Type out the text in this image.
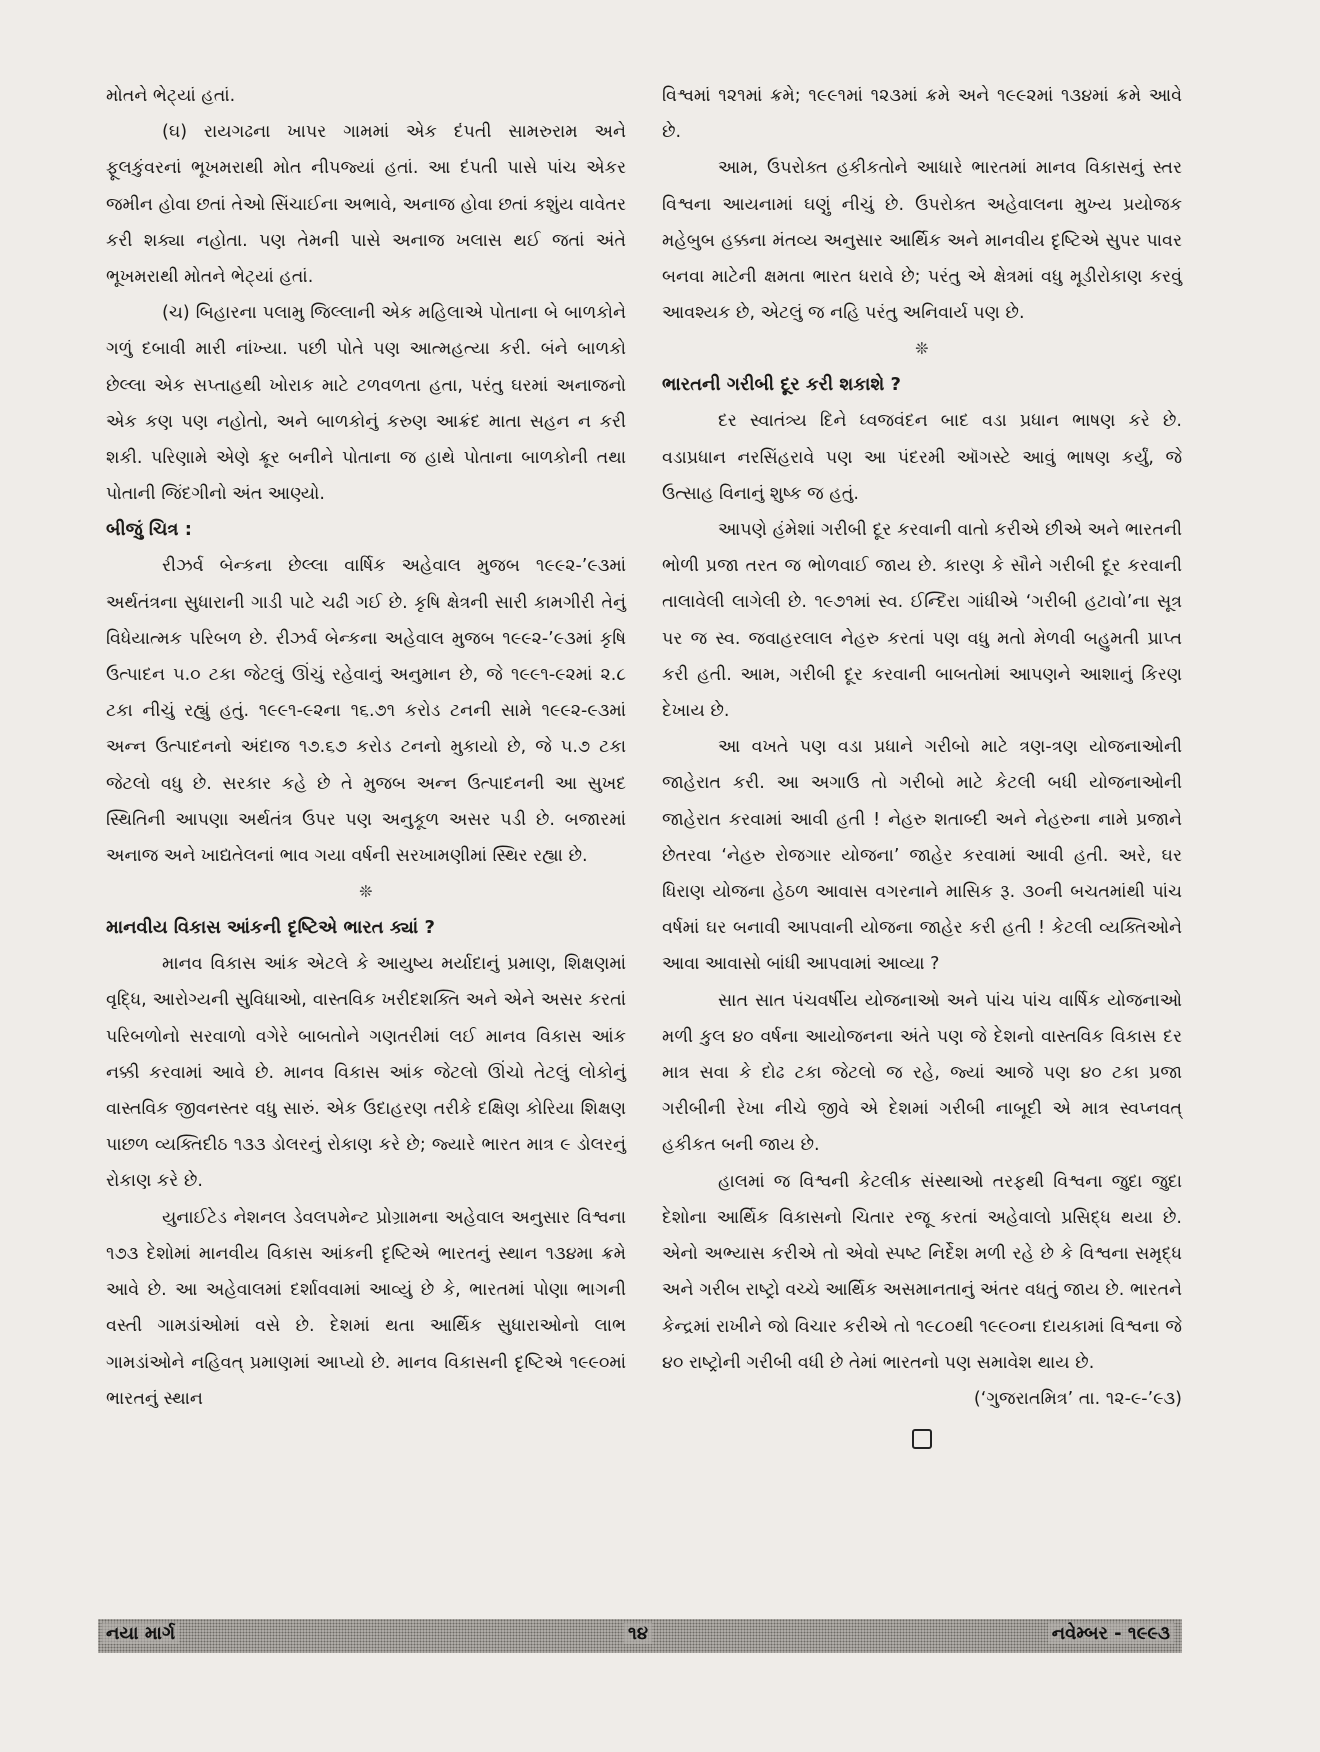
મોતને ભેટ્યાં હતાં.

(ઘ) રાયગઢના ખાપર ગામમાં એક દંપતી સામરુરામ અને ફૂલકુંવરનાં ભૂખમરાથી મોત નીપજ્યાં હતાં. આ દંપતી પાસે પાંચ એકર જમીન હોવા છતાં તેઓ સિંચાઈના અભાવે, અનાજ હોવા છતાં કશુંય વાવેતર કરી શક્યા નહોતા. પણ તેમની પાસે અનાજ ખલાસ થઈ જતાં અંતે ભૂખમરાથી મોતને ભેટ્યાં હતાં.

(ચ) બિહારના પલામુ જિલ્લાની એક મહિલાએ પોતાના બે બાળકોને ગળું દબાવી મારી નાંખ્યા. પછી પોતે પણ આત્મહત્યા કરી. બંને બાળકો છેલ્લા એક સપ્તાહથી ખોરાક માટે ટળવળતા હતા, પરંતુ ઘરમાં અનાજનો એક કણ પણ નહોતો, અને બાળકોનું કરુણ આક્રંદ માતા સહન ન કરી શકી. પરિણામે એણે ક્રૂર બનીને પોતાના જ હાથે પોતાના બાળકોની તથા પોતાની જિંદગીનો અંત આણ્યો.

બીજું ચિત્ર :

રીઝર્વ બેન્કના છેલ્લા વાર્ષિક અહેવાલ મુજબ ૧૯૯૨-’૯૩માં અર્થતંત્રના સુધારાની ગાડી પાટે ચઢી ગઈ છે. કૃષિ ક્ષેત્રની સારી કામગીરી તેનું વિધેયાત્મક પરિબળ છે. રીઝર્વ બેન્કના અહેવાલ મુજબ ૧૯૯૨-’૯૩માં કૃષિ ઉત્પાદન ૫.૦ ટકા જેટલું ઊંચું રહેવાનું અનુમાન છે, જે ૧૯૯૧-૯૨માં ૨.૮ ટકા નીચું રહ્યું હતું. ૧૯૯૧-૯૨ના ૧૬.૭૧ કરોડ ટનની સામે ૧૯૯૨-૯૩માં અન્ન ઉત્પાદનનો અંદાજ ૧૭.૬૭ કરોડ ટનનો મુકાયો છે, જે ૫.૭ ટકા જેટલો વધુ છે. સરકાર કહે છે તે મુજબ અન્ન ઉત્પાદનની આ સુખદ સ્થિતિની આપણા અર્થતંત્ર ઉપર પણ અનુકૂળ અસર પડી છે. બજારમાં અનાજ અને ખાદ્યતેલનાં ભાવ ગયા વર્ષની સરખામણીમાં સ્થિર રહ્યા છે.

❊
માનવીય વિકાસ આંકની દૃષ્ટિએ ભારત ક્યાં ?

માનવ વિકાસ આંક એટલે કે આયુષ્ય મર્યાદાનું પ્રમાણ, શિક્ષણમાં વૃદ્ધિ, આરોગ્યની સુવિધાઓ, વાસ્તવિક ખરીદશક્તિ અને એને અસર કરતાં પરિબળોનો સરવાળો વગેરે બાબતોને ગણતરીમાં લઈ માનવ વિકાસ આંક નક્કી કરવામાં આવે છે. માનવ વિકાસ આંક જેટલો ઊંચો તેટલું લોકોનું વાસ્તવિક જીવનસ્તર વધુ સારું. એક ઉદાહરણ તરીકે દક્ષિણ કોરિયા શિક્ષણ પાછળ વ્યક્તિદીઠ ૧૩૩ ડોલરનું રોકાણ કરે છે; જ્યારે ભારત માત્ર ૯ ડોલરનું રોકાણ કરે છે.

યુનાઈટેડ નેશનલ ડેવલપમેન્ટ પ્રોગ્રામના અહેવાલ અનુસાર વિશ્વના ૧૭૩ દેશોમાં માનવીય વિકાસ આંકની દૃષ્ટિએ ભારતનું સ્થાન ૧૩૪મા ક્રમે આવે છે. આ અહેવાલમાં દર્શાવવામાં આવ્યું છે કે, ભારતમાં પોણા ભાગની વસ્તી ગામડાંઓમાં વસે છે. દેશમાં થતા આર્થિક સુધારાઓનો લાભ ગામડાંઓને નહિવત્ પ્રમાણમાં આપ્યો છે. માનવ વિકાસની દૃષ્ટિએ ૧૯૯૦માં ભારતનું સ્થાન

વિશ્વમાં ૧૨૧માં ક્રમે; ૧૯૯૧માં ૧૨૩માં ક્રમે અને ૧૯૯૨માં ૧૩૪માં ક્રમે આવે છે.

આમ, ઉપરોક્ત હકીકતોને આધારે ભારતમાં માનવ વિકાસનું સ્તર વિશ્વના આયનામાં ઘણું નીચું છે. ઉપરોક્ત અહેવાલના મુખ્ય પ્રયોજક મહેબુબ હક્કના મંતવ્ય અનુસાર આર્થિક અને માનવીય દૃષ્ટિએ સુપર પાવર બનવા માટેની ક્ષમતા ભારત ધરાવે છે; પરંતુ એ ક્ષેત્રમાં વધુ મૂડીરોકાણ કરવું આવશ્યક છે, એટલું જ નહિ પરંતુ અનિવાર્ય પણ છે.

❊
ભારતની ગરીબી દૂર કરી શકાશે ?

દર સ્વાતંત્ર્ય દિને ધ્વજવંદન બાદ વડા પ્રધાન ભાષણ કરે છે. વડાપ્રધાન નરસિંહરાવે પણ આ પંદરમી ઑગસ્ટે આવું ભાષણ કર્યું, જે ઉત્સાહ વિનાનું શુષ્ક જ હતું.

આપણે હંમેશાં ગરીબી દૂર કરવાની વાતો કરીએ છીએ અને ભારતની ભોળી પ્રજા તરત જ ભોળવાઈ જાય છે. કારણ કે સૌને ગરીબી દૂર કરવાની તાલાવેલી લાગેલી છે. ૧૯૭૧માં સ્વ. ઈન્દિરા ગાંધીએ ‘ગરીબી હટાવો’ના સૂત્ર પર જ સ્વ. જવાહરલાલ નેહરુ કરતાં પણ વધુ મતો મેળવી બહુમતી પ્રાપ્ત કરી હતી. આમ, ગરીબી દૂર કરવાની બાબતોમાં આપણને આશાનું કિરણ દેખાય છે.

આ વખતે પણ વડા પ્રધાને ગરીબો માટે ત્રણ-ત્રણ યોજનાઓની જાહેરાત કરી. આ અગાઉ તો ગરીબો માટે કેટલી બધી યોજનાઓની જાહેરાત કરવામાં આવી હતી ! નેહરુ શતાબ્દી અને નેહરુના નામે પ્રજાને છેતરવા ‘નેહરુ રોજગાર યોજના’ જાહેર કરવામાં આવી હતી. અરે, ઘર ધિરાણ યોજના હેઠળ આવાસ વગરનાને માસિક રૂ. ૩૦ની બચતમાંથી પાંચ વર્ષમાં ઘર બનાવી આપવાની યોજના જાહેર કરી હતી ! કેટલી વ્યક્તિઓને આવા આવાસો બાંધી આપવામાં આવ્યા ?

સાત સાત પંચવર્ષીય યોજનાઓ અને પાંચ પાંચ વાર્ષિક યોજનાઓ મળી કુલ ૪૦ વર્ષના આયોજનના અંતે પણ જે દેશનો વાસ્તવિક વિકાસ દર માત્ર સવા કે દોઢ ટકા જેટલો જ રહે, જ્યાં આજે પણ ૪૦ ટકા પ્રજા ગરીબીની રેખા નીચે જીવે એ દેશમાં ગરીબી નાબૂદી એ માત્ર સ્વપ્નવત્ હકીકત બની જાય છે.

હાલમાં જ વિશ્વની કેટલીક સંસ્થાઓ તરફથી વિશ્વના જુદા જુદા દેશોના આર્થિક વિકાસનો ચિતાર રજૂ કરતાં અહેવાલો પ્રસિદ્ધ થયા છે. એનો અભ્યાસ કરીએ તો એવો સ્પષ્ટ નિર્દેશ મળી રહે છે કે વિશ્વના સમૃદ્ધ અને ગરીબ રાષ્ટ્રો વચ્ચે આર્થિક અસમાનતાનું અંતર વધતું જાય છે. ભારતને કેન્દ્રમાં રાખીને જો વિચાર કરીએ તો ૧૯૮૦થી ૧૯૯૦ના દાયકામાં વિશ્વના જે ૪૦ રાષ્ટ્રોની ગરીબી વધી છે તેમાં ભારતનો પણ સમાવેશ થાય છે.

(‘ગુજરાતમિત્ર’ તા. ૧૨-૯-’૯૩)
નયા માર્ગ	૧૪	નવેમ્બર - ૧૯૯૩
